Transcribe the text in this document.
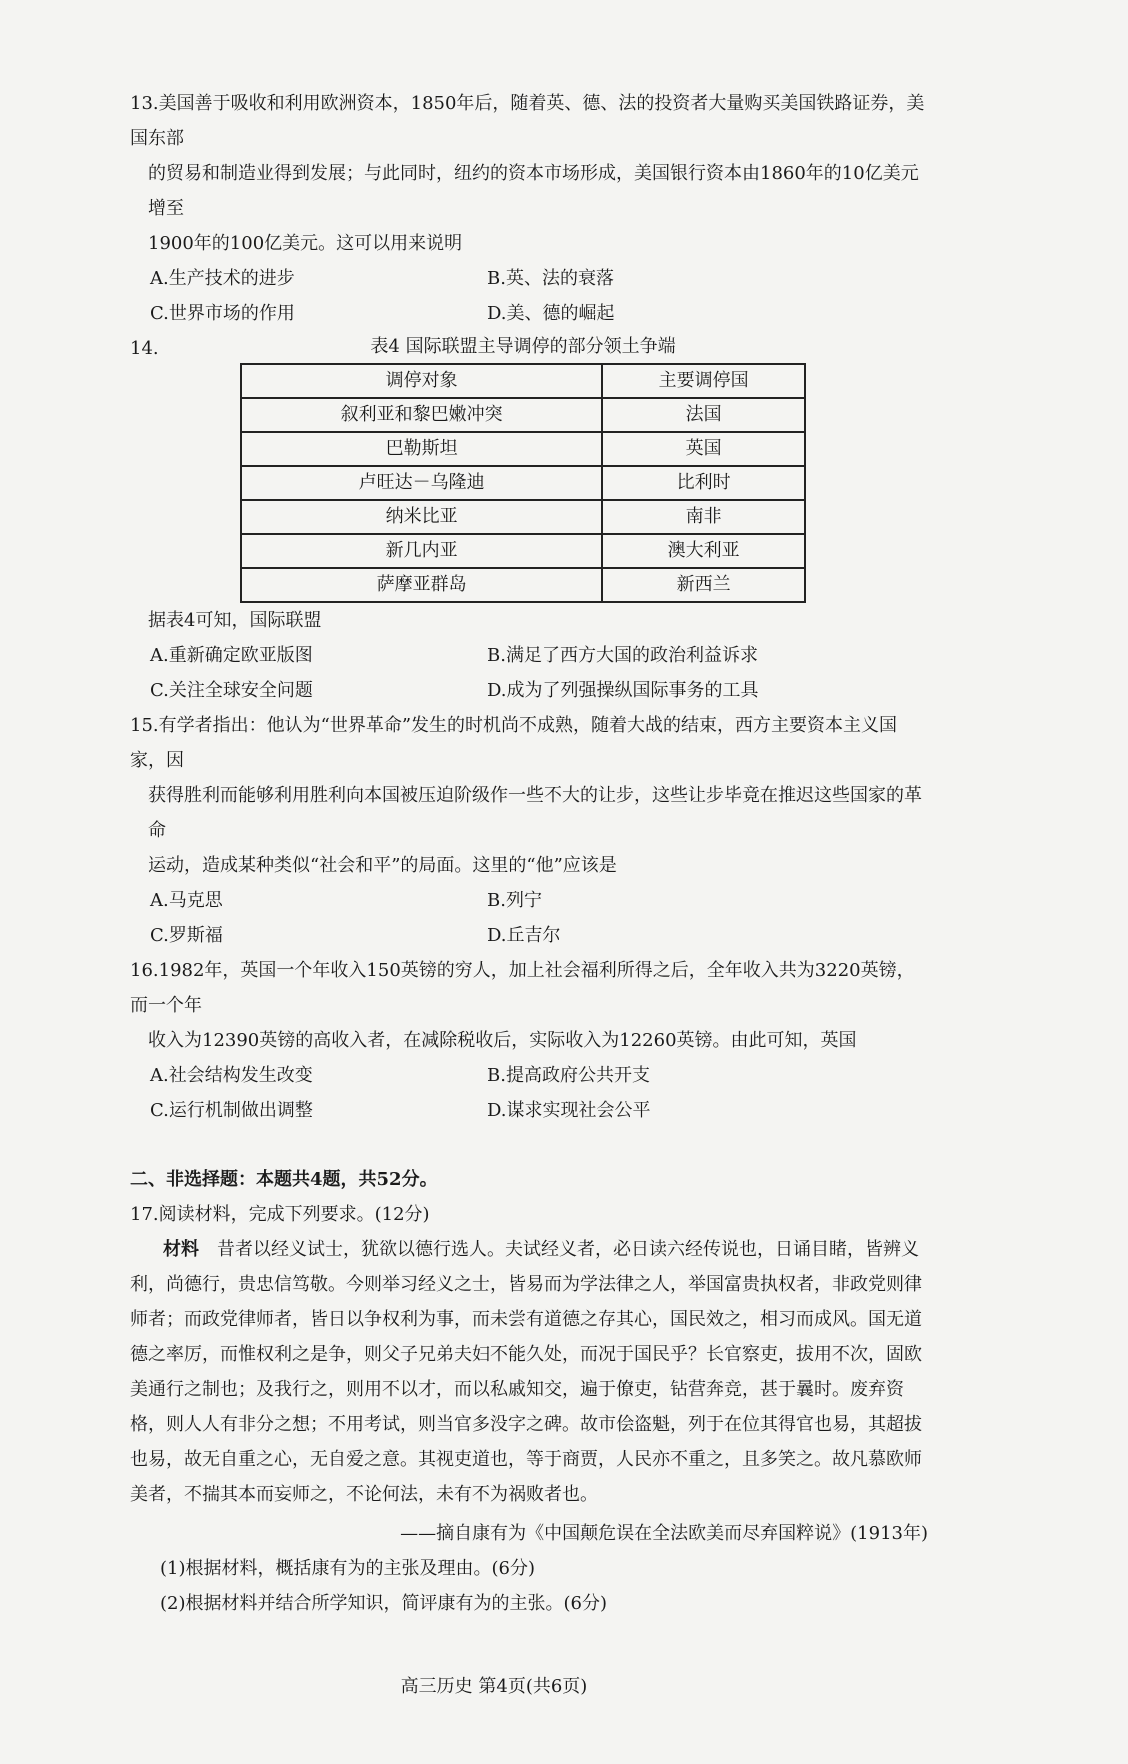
13.美国善于吸收和利用欧洲资本，1850年后，随着英、德、法的投资者大量购买美国铁路证券，美国东部
的贸易和制造业得到发展；与此同时，纽约的资本市场形成，美国银行资本由1860年的10亿美元增至
1900年的100亿美元。这可以用来说明
A.生产技术的进步	B.英、法的衰落
C.世界市场的作用	D.美、德的崛起
14.	表4 国际联盟主导调停的部分领土争端
调停对象	主要调停国
叙利亚和黎巴嫩冲突	法国
巴勒斯坦	英国
卢旺达－乌隆迪	比利时
纳米比亚	南非
新几内亚	澳大利亚
萨摩亚群岛	新西兰
据表4可知，国际联盟
A.重新确定欧亚版图	B.满足了西方大国的政治利益诉求
C.关注全球安全问题	D.成为了列强操纵国际事务的工具
15.有学者指出：他认为“世界革命”发生的时机尚不成熟，随着大战的结束，西方主要资本主义国家，因
获得胜利而能够利用胜利向本国被压迫阶级作一些不大的让步，这些让步毕竟在推迟这些国家的革命
运动，造成某种类似“社会和平”的局面。这里的“他”应该是
A.马克思	B.列宁
C.罗斯福	D.丘吉尔
16.1982年，英国一个年收入150英镑的穷人，加上社会福利所得之后，全年收入共为3220英镑，而一个年
收入为12390英镑的高收入者，在减除税收后，实际收入为12260英镑。由此可知，英国
A.社会结构发生改变	B.提高政府公共开支
C.运行机制做出调整	D.谋求实现社会公平
二、非选择题：本题共4题，共52分。
17.阅读材料，完成下列要求。(12分)
材料  昔者以经义试士，犹欲以德行选人。夫试经义者，必日读六经传说也，日诵目睹，皆辨义利，尚德行，贵忠信笃敬。今则举习经义之士，皆易而为学法律之人，举国富贵执权者，非政党则律师者；而政党律师者，皆日以争权利为事，而未尝有道德之存其心，国民效之，相习而成风。国无道德之率厉，而惟权利之是争，则父子兄弟夫妇不能久处，而况于国民乎？长官察吏，拔用不次，固欧美通行之制也；及我行之，则用不以才，而以私戚知交，遍于僚吏，钻营奔竞，甚于曩时。废弃资格，则人人有非分之想；不用考试，则当官多没字之碑。故市侩盗魁，列于在位其得官也易，其超拔也易，故无自重之心，无自爱之意。其视吏道也，等于商贾，人民亦不重之，且多笑之。故凡慕欧师美者，不揣其本而妄师之，不论何法，未有不为祸败者也。
——摘自康有为《中国颠危误在全法欧美而尽弃国粹说》(1913年)
(1)根据材料，概括康有为的主张及理由。(6分)
(2)根据材料并结合所学知识，简评康有为的主张。(6分)
高三历史 第4页(共6页)
